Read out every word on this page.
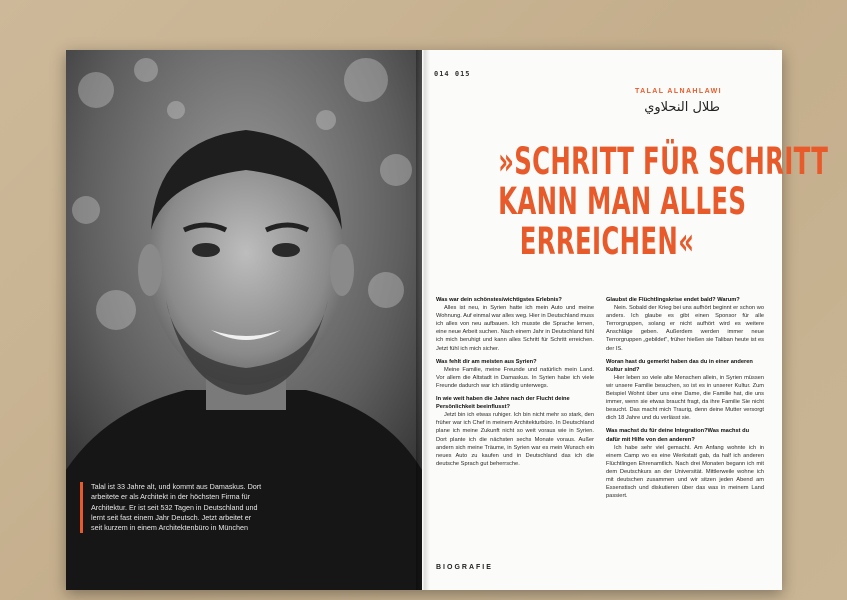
Talal ist 33 Jahre alt, und kommt aus Damaskus. Dort
arbeitete er als Architekt in der höchsten Firma für
Architektur. Er ist seit 532 Tagen in Deutschland und
lernt seit fast einem Jahr Deutsch. Jetzt arbeitet er
seit kurzem in einem Architektenbüro in München
014 015
TALAL ALNAHLAWI
طلال النحلاوي
»SCHRITT FÜR SCHRITT
KANN MAN ALLES
ERREICHEN«
Was war dein schönstes/wichtigstes Erlebnis?
Alles ist neu, in Syrien hatte ich mein Auto und meine Wohnung. Auf einmal war alles weg. Hier in Deutschland muss ich alles von neu aufbauen. Ich musste die Sprache lernen, eine neue Arbeit suchen. Nach einem Jahr in Deutschland fühl ich mich beruhigt und kann alles Schritt für Schritt erreichen. Jetzt fühl ich mich sicher.
Was fehlt dir am meisten aus Syrien?
Meine Familie, meine Freunde und natürlich mein Land. Vor allem die Altstadt in Damaskus. In Syrien habe ich viele Freunde dadurch war ich ständig unterwegs.
In wie weit haben die Jahre nach der Flucht deine Persönlichkeit beeinflusst?
Jetzt bin ich etwas ruhiger. Ich bin nicht mehr so stark, den früher war ich Chef in meinem Architekturbüro. In Deutschland plane ich meine Zukunft nicht so weit voraus wie in Syrien. Dort plante ich die nächsten sechs Monate voraus. Außer andern sich meine Träume, in Syrien war es mein Wunsch ein neues Auto zu kaufen und in Deutschland das ich die deutsche Sprach gut beherrsche.
Glaubst die Flüchtlingskrise endet bald? Warum?
Nein. Sobald der Krieg bei uns aufhört beginnt er schon wo anders. Ich glaube es gibt einen Sponsor für alle Terrorgruppen, solang er nicht aufhört wird es weitere Anschläge geben. Außerdem werden immer neue Terrorgruppen „gebildet", früher hießen sie Taliban heute ist es der IS.
Woran hast du gemerkt haben das du in einer anderen Kultur sind?
Hier leben so viele alte Menschen allein, in Syrien müssen wir unsere Familie besuchen, so ist es in unserer Kultur. Zum Beispiel Wohnt über uns eine Dame, die Familie hat, die uns immer, wenn sie etwas braucht fragt, da ihre Familie Sie nicht besucht. Das macht mich Traurig, denn deine Mutter versorgt dich 18 Jahre und du verlässt sie.
Was machst du für deine Integration?Was machst du dafür mit Hilfe von den anderen?
Ich habe sehr viel gemacht. Am Anfang wohnte ich in einem Camp wo es eine Werkstatt gab, da half ich anderen Flüchtlingen Ehrenamtlich. Nach drei Monaten begann ich mit dem Deutschkurs an der Universität. Mittlerweile wohne ich mit deutschen zusammen und wir sitzen jeden Abend am Essenstisch und diskutieren über das was in meinem Land passiert.
BIOGRAFIE
